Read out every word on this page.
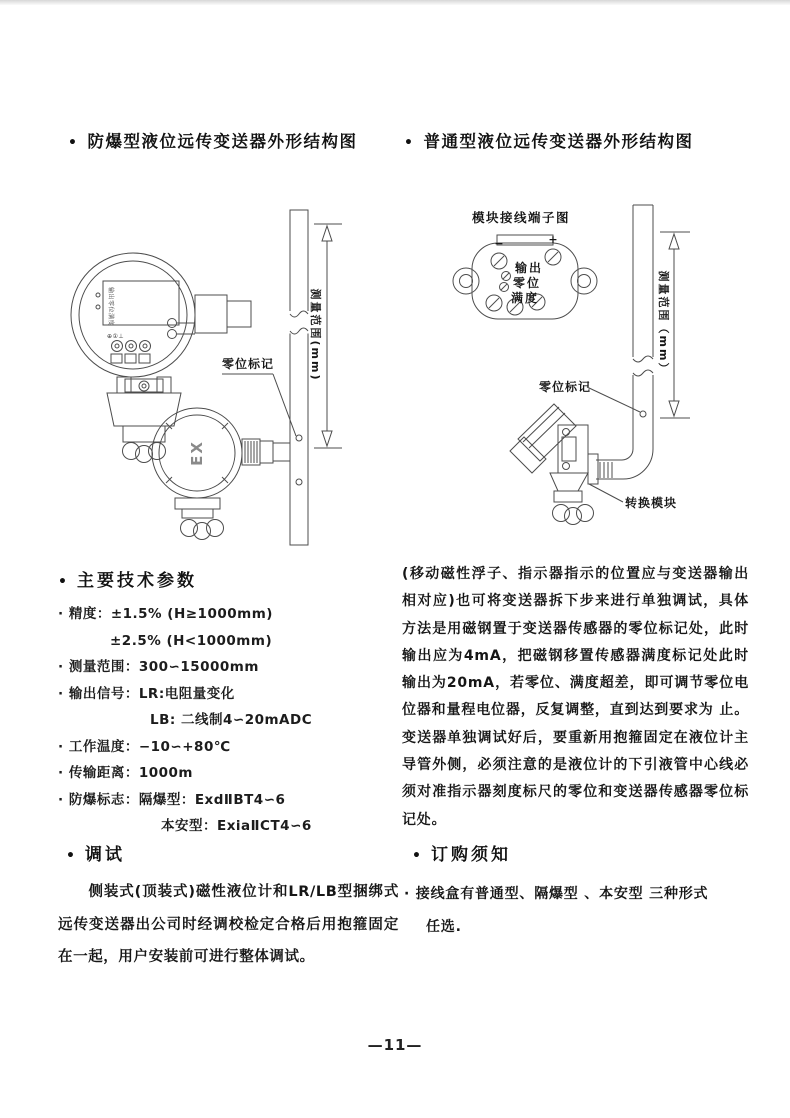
• 防爆型液位远传变送器外形结构图	• 普通型液位远传变送器外形结构图
测量范围(mm)
输出零位满度
⊕①⊥
EX
零位标记
模块接线端子图
−	+
输出
零位
满度
零位标记
转换模块
测量范围（mm）
• 主要技术参数
· 精度：±1.5% (H≥1000mm)
±2.5% (H<1000mm)
· 测量范围：300∽15000mm
· 输出信号：LR:电阻量变化
LB: 二线制4∽20mADC
· 工作温度：−10∽+80℃
· 传输距离：1000m
· 防爆标志：隔爆型：ExdⅡBT4∽6
本安型：ExiaⅡCT4∽6
(移动磁性浮子、指示器指示的位置应与变送器输出相对应)也可将变送器拆下步来进行单独调试，具体方法是用磁钢置于变送器传感器的零位标记处，此时输出应为4mA，把磁钢移置传感器满度标记处此时输出为20mA，若零位、满度超差，即可调节零位电位器和量程电位器，反复调整，直到达到要求为 止。变送器单独调试好后，要重新用抱箍固定在液位计主导管外侧，必须注意的是液位计的下引液管中心线必须对准指示器刻度标尺的零位和变送器传感器零位标记处。
• 调试
侧装式(顶装式)磁性液位计和LR/LB型捆绑式远传变送器出公司时经调校检定合格后用抱箍固定在一起，用户安装前可进行整体调试。
• 订购须知
· 接线盒有普通型、隔爆型 、本安型 三种形式
任选.
—11—
